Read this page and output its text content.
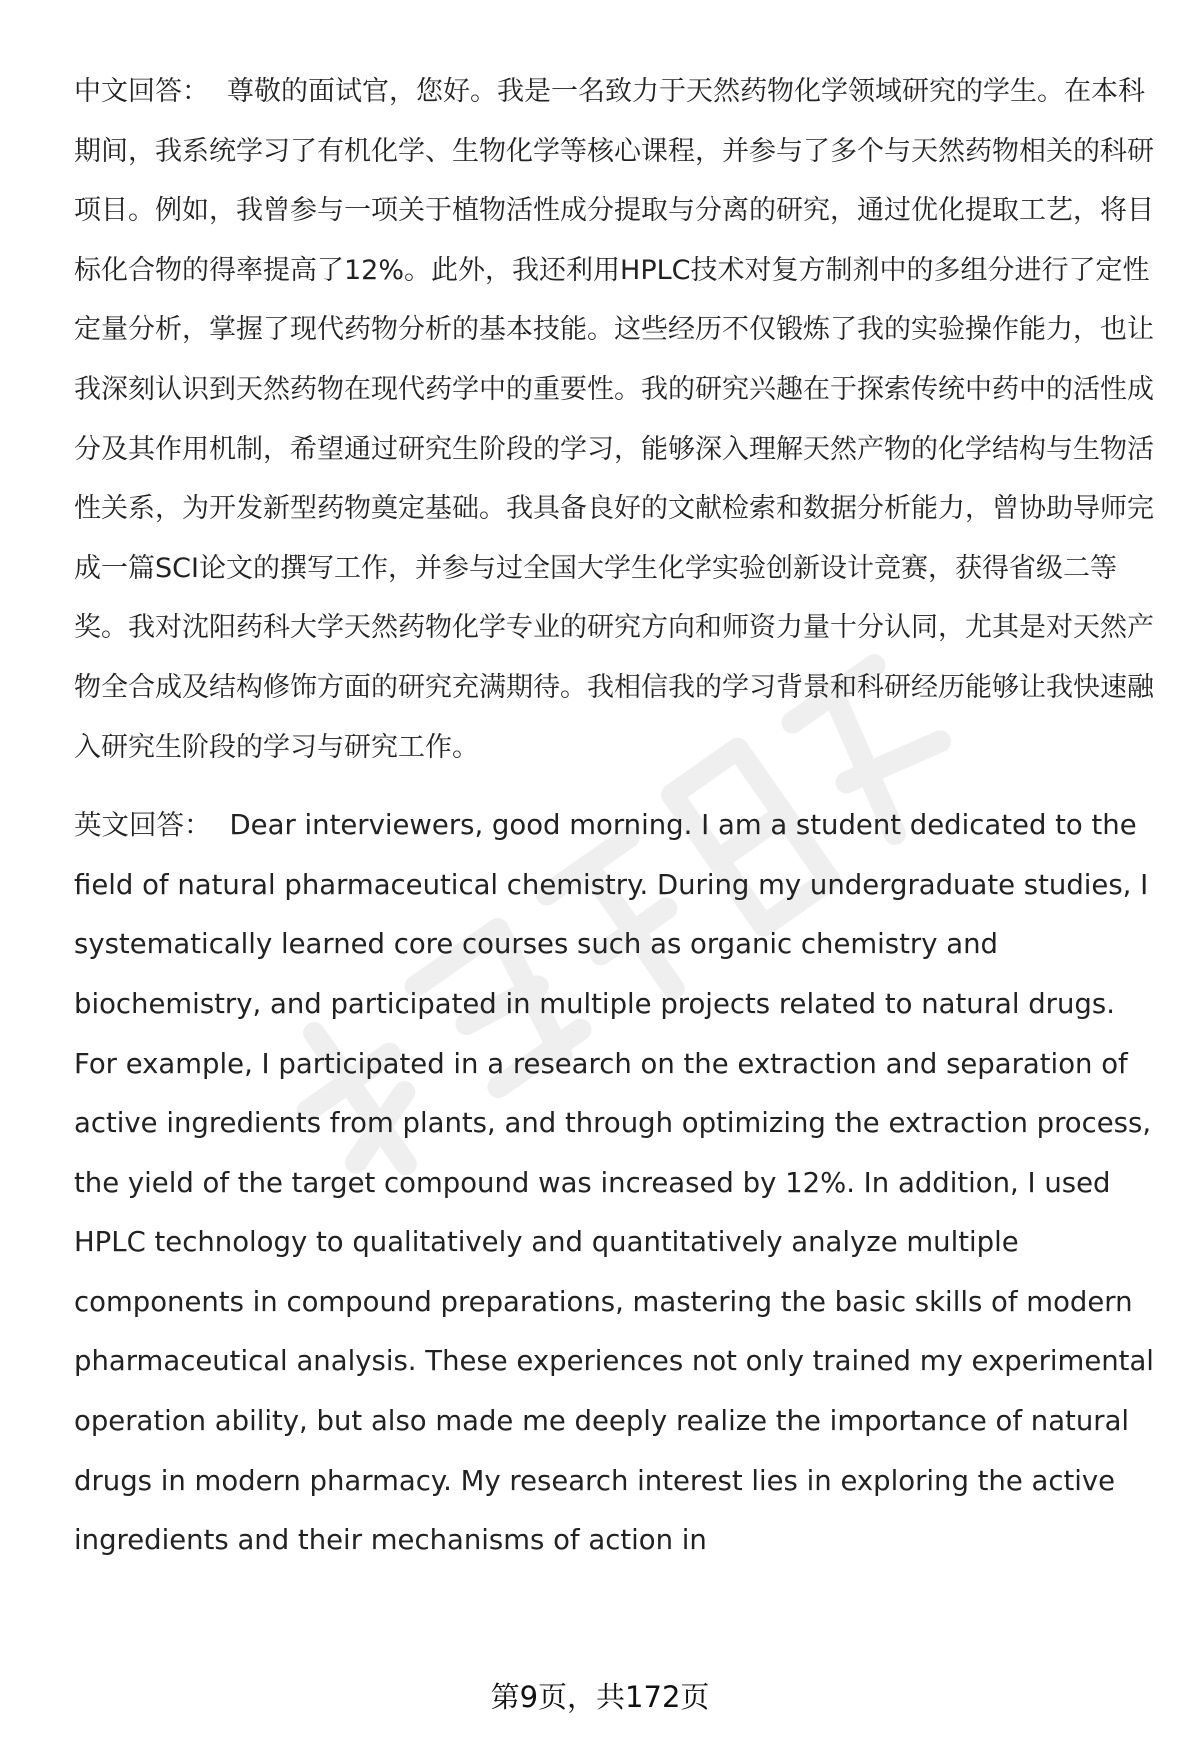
中文回答： 尊敬的面试官，您好。我是一名致力于天然药物化学领域研究的学生。在本科期间，我系统学习了有机化学、生物化学等核心课程，并参与了多个与天然药物相关的科研项目。例如，我曾参与一项关于植物活性成分提取与分离的研究，通过优化提取工艺，将目标化合物的得率提高了12%。此外，我还利用HPLC技术对复方制剂中的多组分进行了定性定量分析，掌握了现代药物分析的基本技能。这些经历不仅锻炼了我的实验操作能力，也让我深刻认识到天然药物在现代药学中的重要性。我的研究兴趣在于探索传统中药中的活性成分及其作用机制，希望通过研究生阶段的学习，能够深入理解天然产物的化学结构与生物活性关系，为开发新型药物奠定基础。我具备良好的文献检索和数据分析能力，曾协助导师完成一篇SCI论文的撰写工作，并参与过全国大学生化学实验创新设计竞赛，获得省级二等奖。我对沈阳药科大学天然药物化学专业的研究方向和师资力量十分认同，尤其是对天然产物全合成及结构修饰方面的研究充满期待。我相信我的学习背景和科研经历能够让我快速融入研究生阶段的学习与研究工作。

英文回答： Dear interviewers, good morning. I am a student dedicated to the field of natural pharmaceutical chemistry. During my undergraduate studies, I systematically learned core courses such as organic chemistry and biochemistry, and participated in multiple projects related to natural drugs. For example, I participated in a research on the extraction and separation of active ingredients from plants, and through optimizing the extraction process, the yield of the target compound was increased by 12%. In addition, I used HPLC technology to qualitatively and quantitatively analyze multiple components in compound preparations, mastering the basic skills of modern pharmaceutical analysis. These experiences not only trained my experimental operation ability, but also made me deeply realize the importance of natural drugs in modern pharmacy. My research interest lies in exploring the active ingredients and their mechanisms of action in

第9页，共172页
